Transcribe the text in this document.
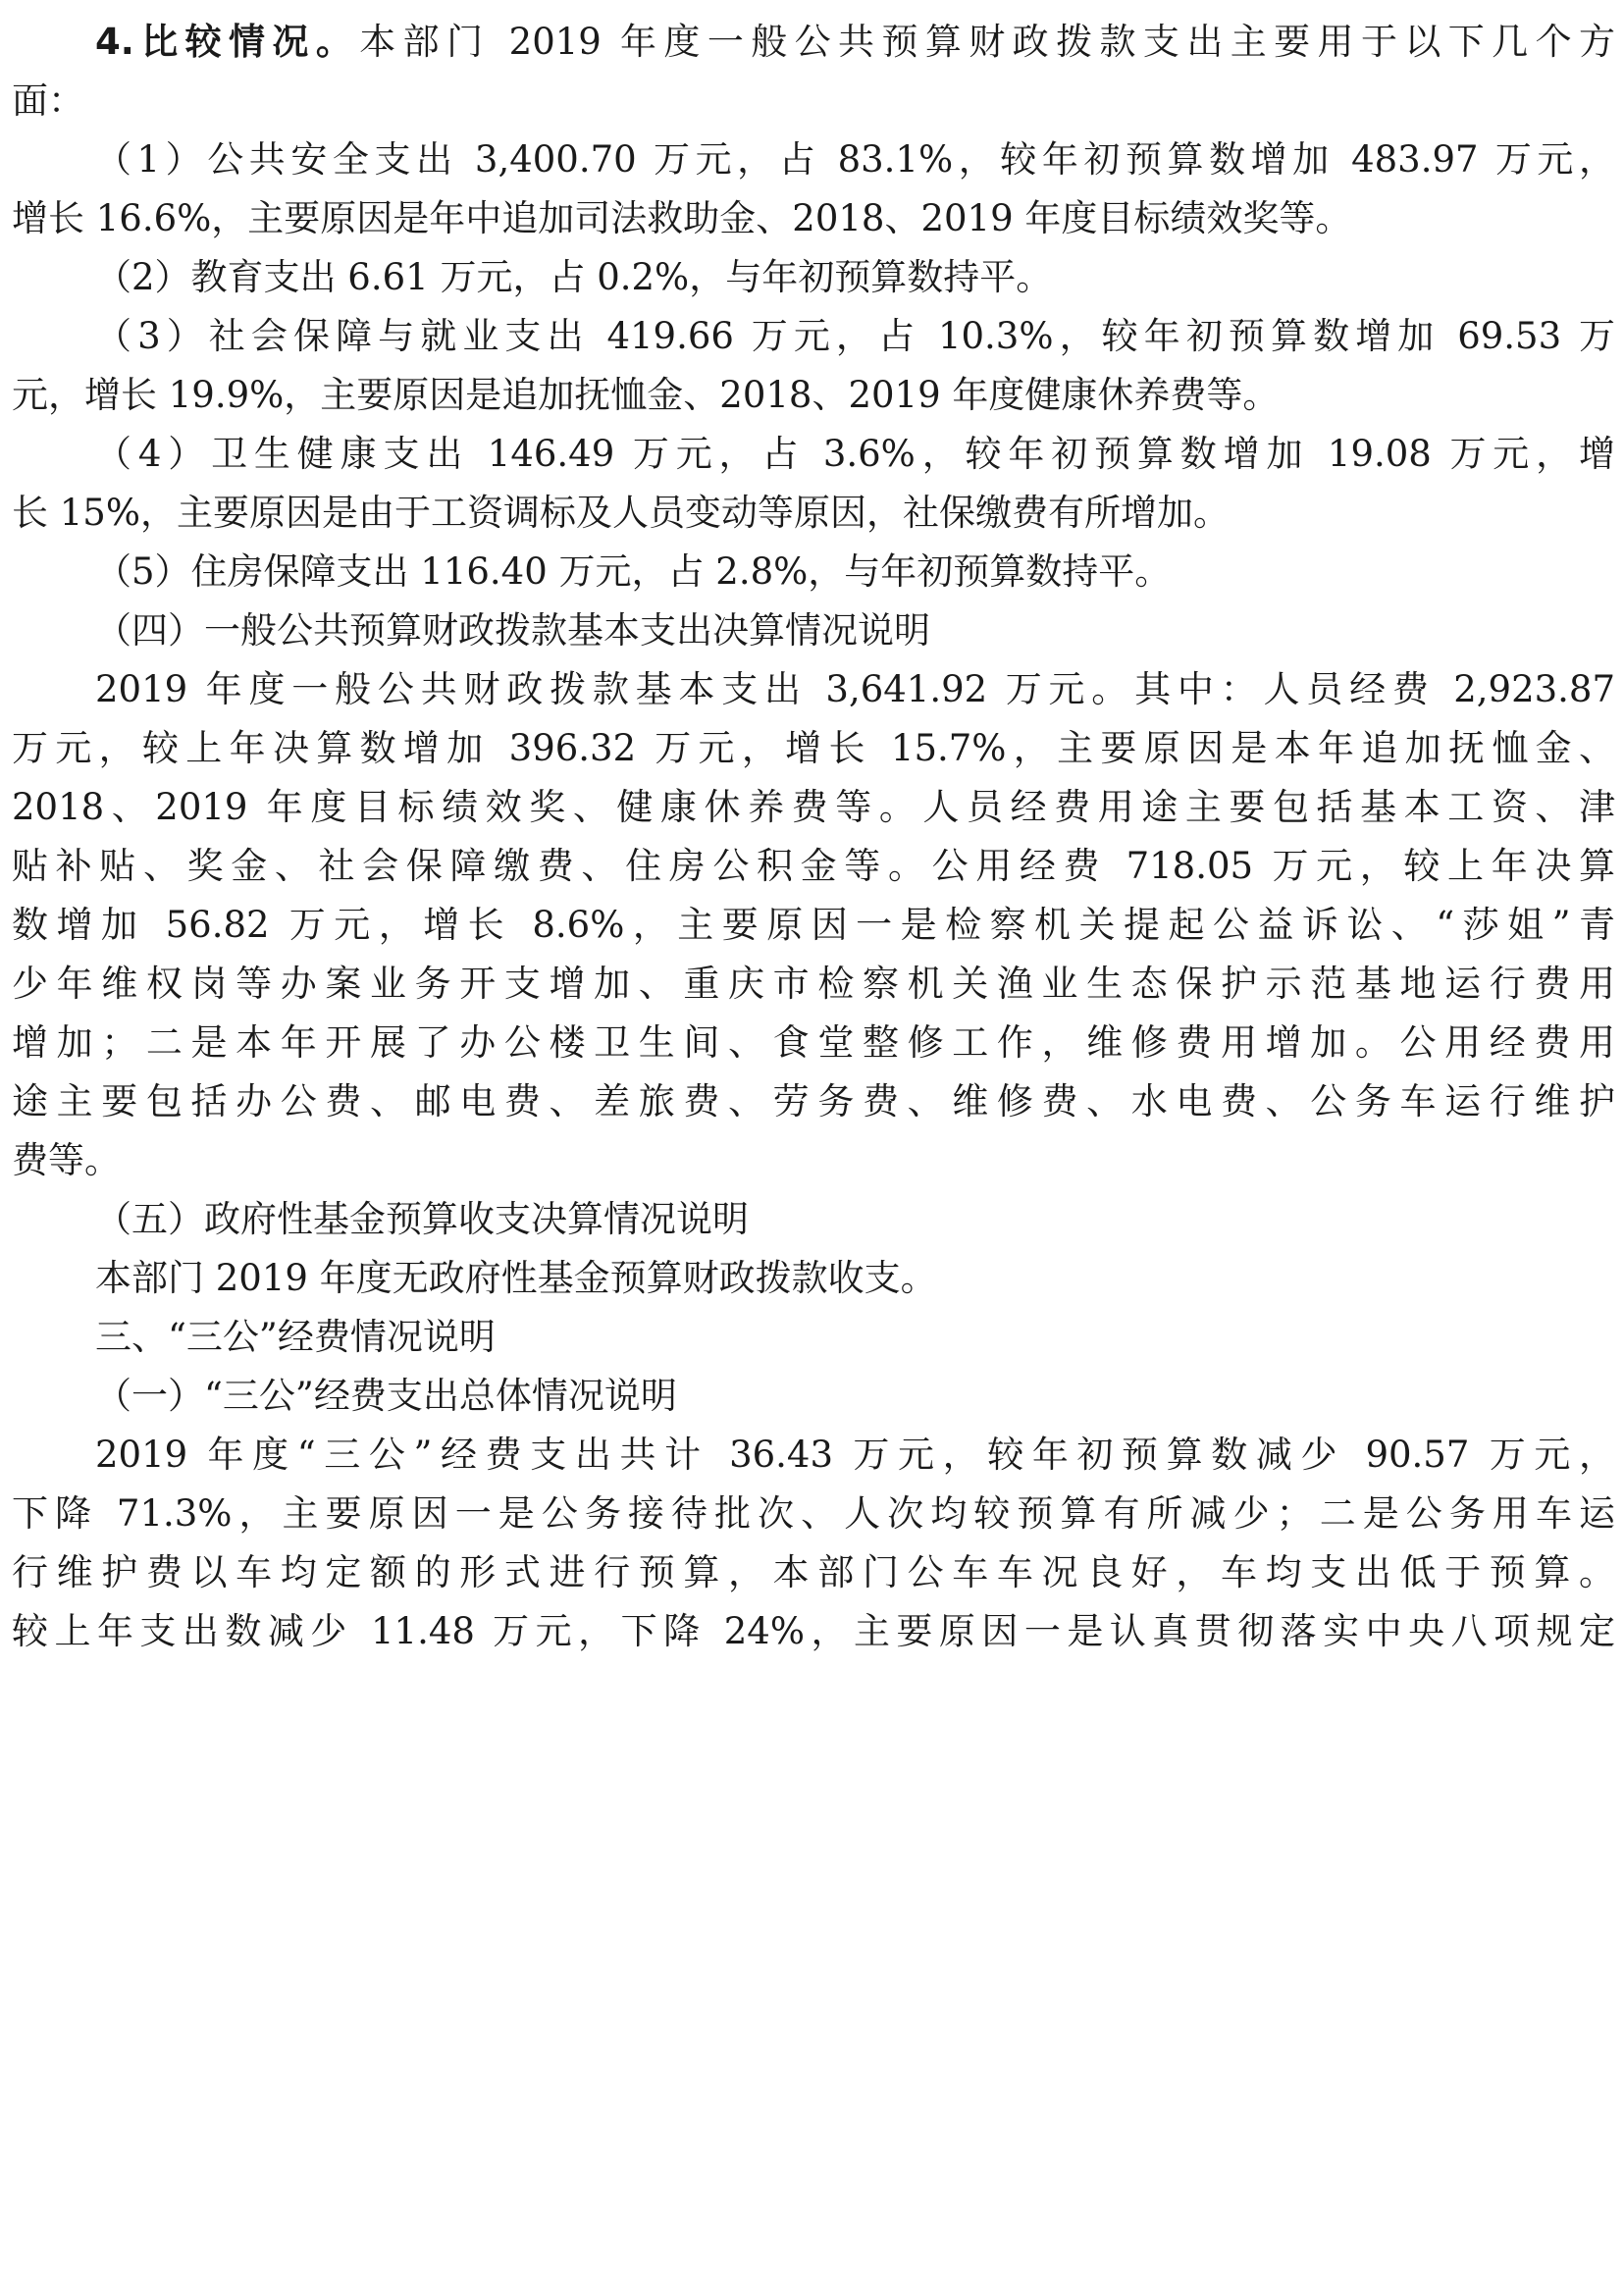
4.比较情况。本部门 2019 年度一般公共预算财政拨款支出主要用于以下几个方
面：
（1）公共安全支出 3,400.70 万元，占 83.1%，较年初预算数增加 483.97 万元，
增长 16.6%，主要原因是年中追加司法救助金、2018、2019 年度目标绩效奖等。
（2）教育支出 6.61 万元，占 0.2%，与年初预算数持平。
（3）社会保障与就业支出 419.66 万元，占 10.3%，较年初预算数增加 69.53 万
元，增长 19.9%，主要原因是追加抚恤金、2018、2019 年度健康休养费等。
（4）卫生健康支出 146.49 万元，占 3.6%，较年初预算数增加 19.08 万元，增
长 15%，主要原因是由于工资调标及人员变动等原因，社保缴费有所增加。
（5）住房保障支出 116.40 万元，占 2.8%，与年初预算数持平。
（四）一般公共预算财政拨款基本支出决算情况说明
2019 年度一般公共财政拨款基本支出 3,641.92 万元。其中：人员经费 2,923.87
万元，较上年决算数增加 396.32 万元，增长 15.7%，主要原因是本年追加抚恤金、
2018、2019 年度目标绩效奖、健康休养费等。人员经费用途主要包括基本工资、津
贴补贴、奖金、社会保障缴费、住房公积金等。公用经费 718.05 万元，较上年决算
数增加 56.82 万元，增长 8.6%，主要原因一是检察机关提起公益诉讼、“莎姐”青
少年维权岗等办案业务开支增加、重庆市检察机关渔业生态保护示范基地运行费用
增加；二是本年开展了办公楼卫生间、食堂整修工作，维修费用增加。公用经费用
途主要包括办公费、邮电费、差旅费、劳务费、维修费、水电费、公务车运行维护
费等。
（五）政府性基金预算收支决算情况说明
本部门 2019 年度无政府性基金预算财政拨款收支。
三、“三公”经费情况说明
（一）“三公”经费支出总体情况说明
2019 年度“三公”经费支出共计 36.43 万元，较年初预算数减少 90.57 万元，
下降 71.3%，主要原因一是公务接待批次、人次均较预算有所减少；二是公务用车运
行维护费以车均定额的形式进行预算，本部门公车车况良好，车均支出低于预算。
较上年支出数减少 11.48 万元，下降 24%，主要原因一是认真贯彻落实中央八项规定
